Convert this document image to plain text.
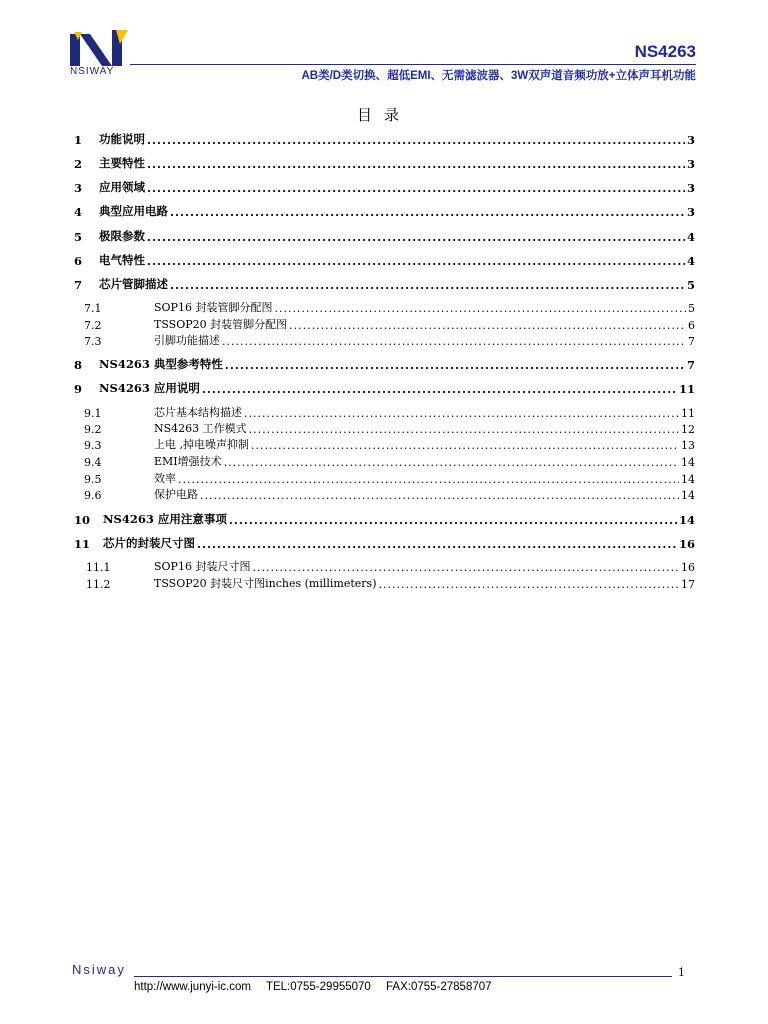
NSIWAY
NS4263
AB类/D类切换、超低EMI、无需滤波器、3W双声道音频功放+立体声耳机功能
目录
1	功能说明 .....	3
2	主要特性 .....	3
3	应用领域 .....	3
4	典型应用电路 .....	3
5	极限参数 .....	4
6	电气特性 .....	4
7	芯片管脚描述 .....	5
7.1	SOP16 封装管脚分配图 .....	5
7.2	TSSOP20 封装管脚分配图 .....	6
7.3	引脚功能描述 .....	7
8	NS4263 典型参考特性 .....	7
9	NS4263 应用说明 .....	11
9.1	芯片基本结构描述 .....	11
9.2	NS4263 工作模式 .....	12
9.3	上电 ,掉电噪声抑制 .....	13
9.4	EMI增强技术 .....	14
9.5	效率 .....	14
9.6	保护电路 .....	14
10	NS4263 应用注意事项 .....	14
11	芯片的封装尺寸图 .....	16
11.1	SOP16 封装尺寸图 .....	16
11.2	TSSOP20 封装尺寸图inches (millimeters) .....	17
Nsiway	1
http://www.junyi-ic.com TEL:0755-29955070 FAX:0755-27858707
